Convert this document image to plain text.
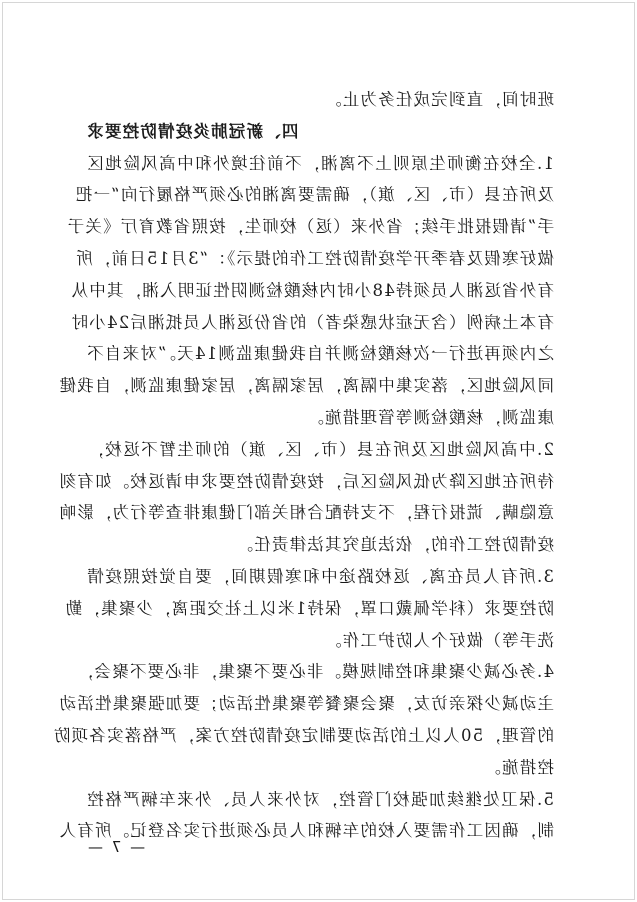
班时间，直到完成任务为止。
四、新冠肺炎疫情防控要求
1.全校在衡师生原则上不离湘，不前往境外和中高风险地区
及所在县（市、区、旗），确需要离湘的必须严格履行向“一把
手”请假报批手续；省外来（返）校师生，按照省教育厅《关于
做好寒假及春季开学疫情防控工作的提示》：“3月15日前，所
有外省返湘人员须持48小时内核酸检测阴性证明入湘，其中从
有本土病例（含无症状感染者）的省份返湘人员抵湘后24小时
之内须再进行一次核酸检测并自我健康监测14天。”对来自不
同风险地区，落实集中隔离，居家隔离，居家健康监测，自我健
康监测，核酸检测等管理措施。
2.中高风险地区及所在县（市、区、旗）的师生暂不返校，
待所在地区降为低风险区后，按疫情防控要求申请返校。如有刻
意隐瞒、谎报行程，不支持配合相关部门健康排查等行为，影响
疫情防控工作的，依法追究其法律责任。
3.所有人员在离、返校路途中和寒假期间，要自觉按照疫情
防控要求（科学佩戴口罩，保持1米以上社交距离，少聚集，勤
洗手等）做好个人防护工作。
4.务必减少聚集和控制规模。非必要不聚集，非必要不聚会，
主动减少探亲访友，聚会聚餐等聚集性活动；要加强聚集性活动
的管理，50人以上的活动要制定疫情防控方案，严格落实各项防
控措施。
5.保卫处继续加强校门管控，对外来人员、外来车辆严格控
制，确因工作需要入校的车辆和人员必须进行实名登记。所有人
— 7 —
